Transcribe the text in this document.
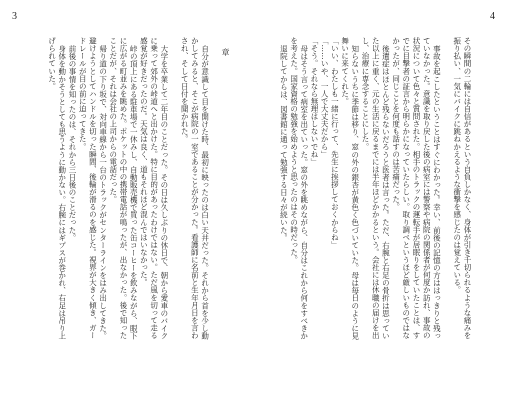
3
章

自分が意識して目を開けた時、最初に映ったのは白い天井だった。それから首を少し動かしてみると、そこが病院の一室であることが分かった。看護師に名前と生年月日を言わされ、そして日付を聞かれた。

大学を卒業して二年目のことだった。その日は久しぶりの休日で、朝から愛車のバイクに乗って郊外の峠道へと出かけた。特に目的があったわけではない。ただ風を切って走る感覚が好きだったのだ。天気は良く、道もそれほど混んではいなかった。

峠の頂上にある駐車場で一休みし、自動販売機で買った缶コーヒーを飲みながら、眼下に広がる町並みを眺めた。ポケットの中の携帯電話が鳴ったが、出なかった。後で知ったことだが、それは会社の上司からの電話だった。

帰り道の下り坂で、対向車線から一台のトラックがセンターラインをはみ出してきた。避けようとしてハンドルを切った瞬間、後輪が滑るのを感じた。視界が大きく傾き、ガードレールが目の前に迫ってきた。

前後の事情を知ったのは、それから三日後のことだった。

身体を動かそうとしても思うように動かない。右腕にはギプスが巻かれ、右足は吊り上げられていた。

4

その瞬間の二輪には自信があるという自負しかなく、身体が引き千切られるような痛みを振り払い、一気にバイクに跳ねかえるような衝撃を感じたのは覚えている。

事故を起こしたということはすぐにわかった。幸い、前後の記憶の方ははっきりと残っていなかった。意識を取り戻した後の病室には警察や病院の関係者が何度か訪れ、事故の状況について色々と質問された。相手のトラックの運転手が居眠りをしていたことは、すでに目撃者の証言から明らかになっていたらしい。取り調べというほど厳しいものではなかったが、同じことを何度も話すのは苦痛だった。

後遺症はほとんど残らないだろうと医者は言った。ただ、右腕と右足の骨折は思っていた以上に重く、元の生活に戻るまでには半年ほどかかるという。会社には休職の届けを出し、治療に専念することにした。

知らないうちに季節は移り、窓の外の銀杏が黄色く色づいていた。母は毎日のように見舞いに来てくれた。

「いい、わたしも一緒に行って、先生に挨拶しておくからね」

「……いや、一人で大丈夫だから」

「そう。それなら無理はしないでね」

母はそう言って病室を出ていった。窓の外を眺めながら、自分はこれから何をすべきかを考えた。国家資格の勉強を始めようと思ったのはその時だった。

退院してからは、図書館に通って勉強する日々が続いた。
